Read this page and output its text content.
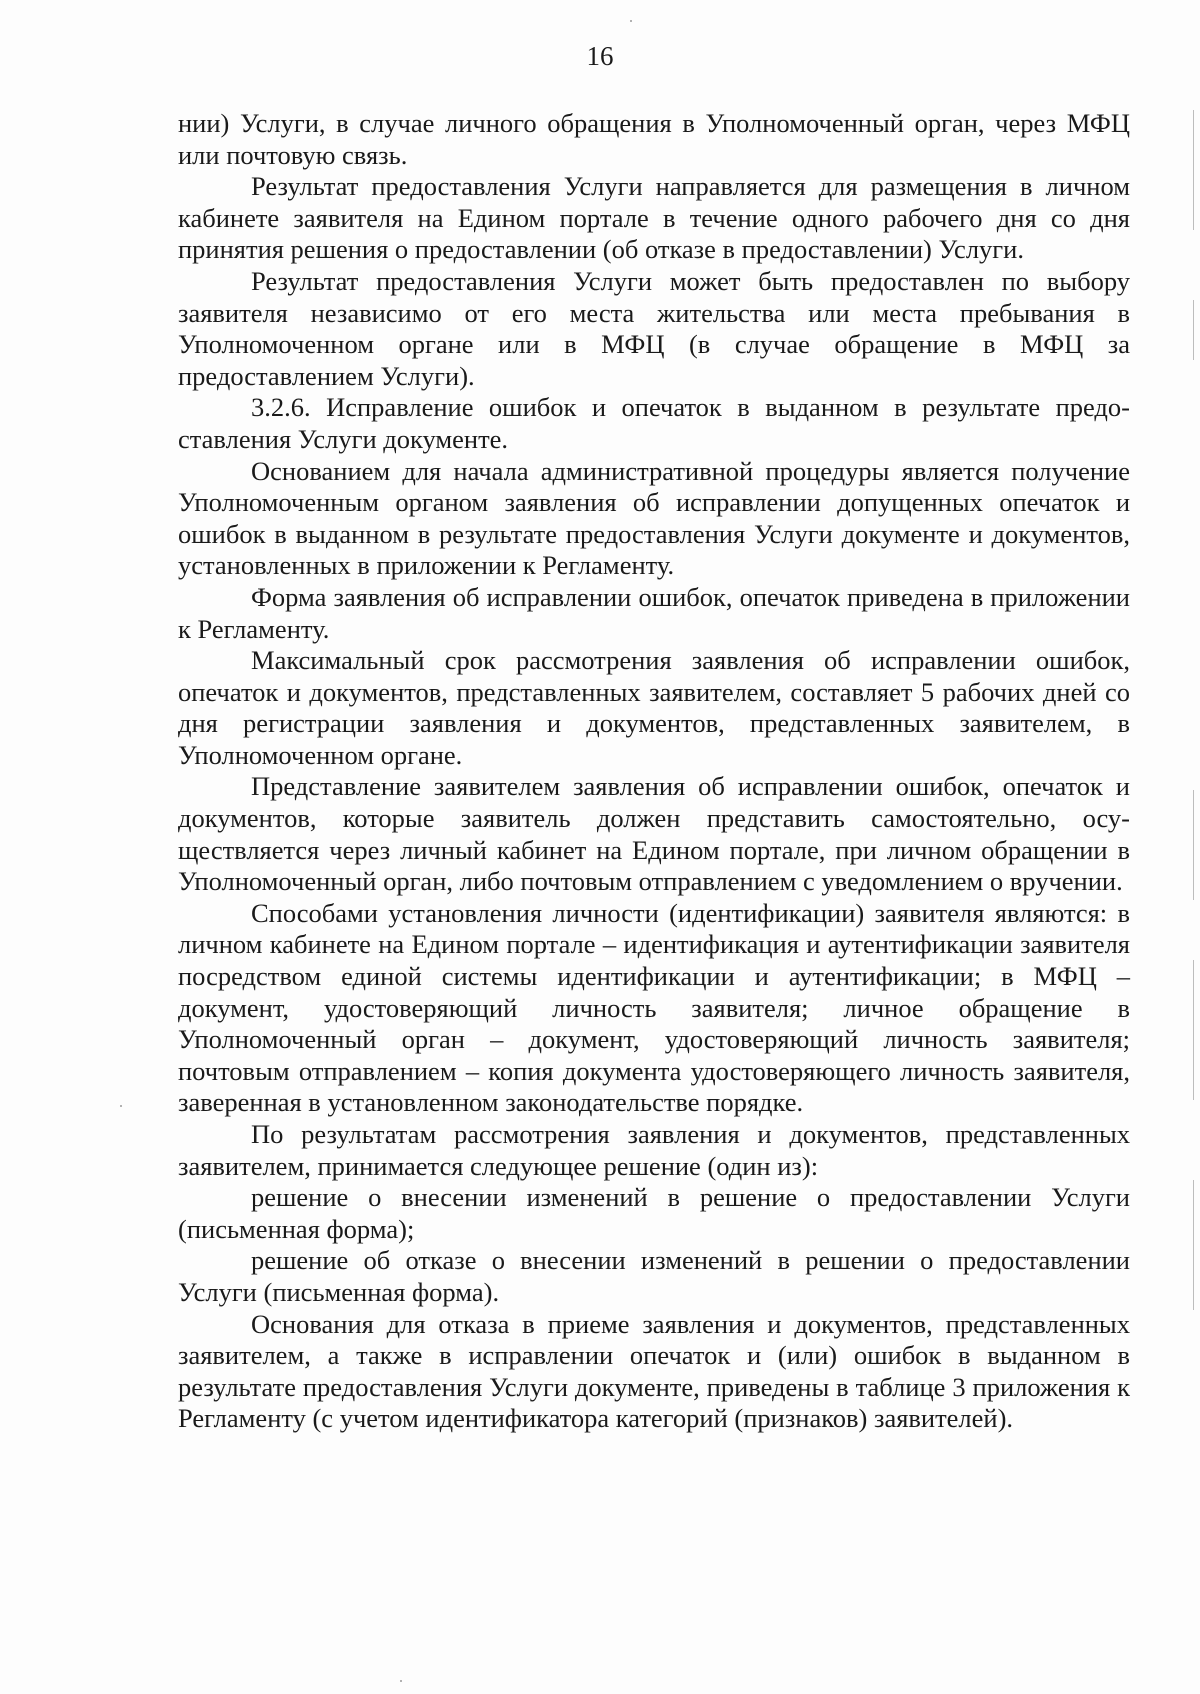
16

нии) Услуги, в случае личного обращения в Уполномоченный орган, через МФЦ или почтовую связь.

Результат предоставления Услуги направляется для размещения в личном кабинете заявителя на Едином портале в течение одного рабочего дня со дня принятия решения о предоставлении (об отказе в предоставлении) Услуги.

Результат предоставления Услуги может быть предоставлен по выбору заявителя независимо от его места жительства или места пребывания в Уполномоченном органе или в МФЦ (в случае обращение в МФЦ за предоставлением Услуги).

3.2.6. Исправление ошибок и опечаток в выданном в результате предоставления Услуги документе.

Основанием для начала административной процедуры является получение Уполномоченным органом заявления об исправлении допущенных опечаток и ошибок в выданном в результате предоставления Услуги документе и документов, установленных в приложении к Регламенту.

Форма заявления об исправлении ошибок, опечаток приведена в приложении к Регламенту.

Максимальный срок рассмотрения заявления об исправлении ошибок, опечаток и документов, представленных заявителем, составляет 5 рабочих дней со дня регистрации заявления и документов, представленных заявителем, в Уполномоченном органе.

Представление заявителем заявления об исправлении ошибок, опечаток и документов, которые заявитель должен представить самостоятельно, осуществляется через личный кабинет на Едином портале, при личном обращении в Уполномоченный орган, либо почтовым отправлением с уведомлением о вручении.

Способами установления личности (идентификации) заявителя являются: в личном кабинете на Едином портале – идентификация и аутентификации заявителя посредством единой системы идентификации и аутентификации; в МФЦ – документ, удостоверяющий личность заявителя; личное обращение в Уполномоченный орган – документ, удостоверяющий личность заявителя; почтовым отправлением – копия документа удостоверяющего личность заявителя, заверенная в установленном законодательстве порядке.

По результатам рассмотрения заявления и документов, представленных заявителем, принимается следующее решение (один из):

решение о внесении изменений в решение о предоставлении Услуги (письменная форма);

решение об отказе о внесении изменений в решении о предоставлении Услуги (письменная форма).

Основания для отказа в приеме заявления и документов, представленных заявителем, а также в исправлении опечаток и (или) ошибок в выданном в результате предоставления Услуги документе, приведены в таблице 3 приложения к Регламенту (с учетом идентификатора категорий (признаков) заявителей).
